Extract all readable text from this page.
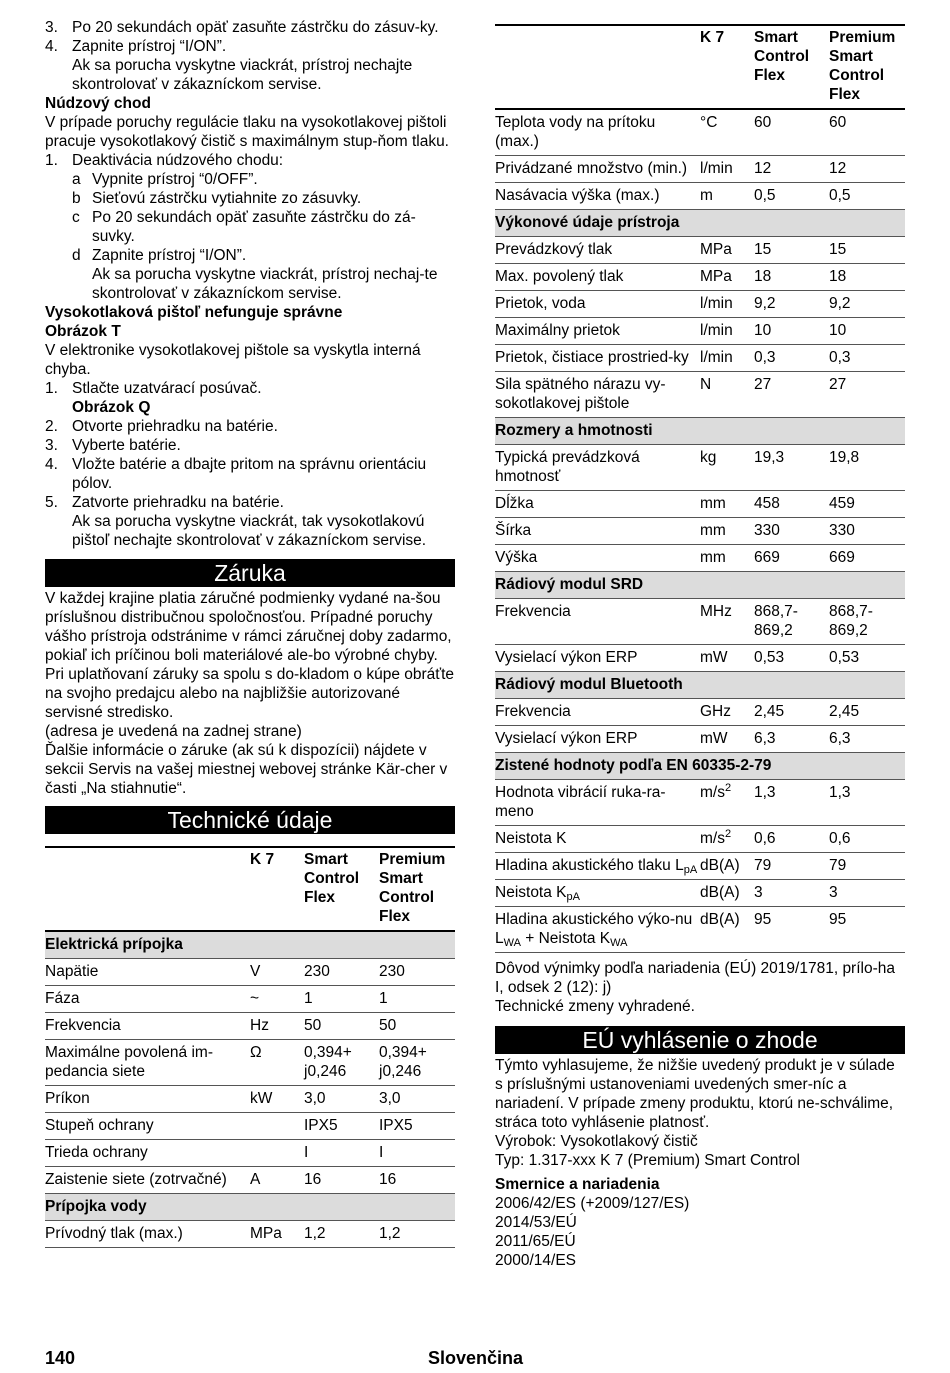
3. Po 20 sekundách opäť zasuňte zástrčku do zásuv-ky.
4. Zapnite prístroj “I/ON”.

Ak sa porucha vyskytne viackrát, prístroj nechajte skontrolovať v zákazníckom servise.

Núdzový chod

V prípade poruchy regulácie tlaku na vysokotlakovej pištoli pracuje vysokotlakový čistič s maximálnym stup-ňom tlaku.

1. Deaktivácia núdzového chodu:
a Vypnite prístroj “0/OFF”.
b Sieťovú zástrčku vytiahnite zo zásuvky.
c Po 20 sekundách opäť zasuňte zástrčku do zá-suvky.
d Zapnite prístroj “I/ON”.

Ak sa porucha vyskytne viackrát, prístroj nechaj-te skontrolovať v zákazníckom servise.

Vysokotlaková pištoľ nefunguje správne

Obrázok T

V elektronike vysokotlakovej pištole sa vyskytla interná chyba.

1. Stlačte uzatvárací posúvač.

Obrázok Q

2. Otvorte priehradku na batérie.
3. Vyberte batérie.
4. Vložte batérie a dbajte pritom na správnu orientáciu pólov.
5. Zatvorte priehradku na batérie.

Ak sa porucha vyskytne viackrát, tak vysokotlakovú pištoľ nechajte skontrolovať v zákazníckom servise.

Záruka

V každej krajine platia záručné podmienky vydané na-šou príslušnou distribučnou spoločnosťou. Prípadné poruchy vášho prístroja odstránime v rámci záručnej doby zadarmo, pokiaľ ich príčinou boli materiálové ale-bo výrobné chyby. Pri uplatňovaní záruky sa spolu s do-kladom o kúpe obráťte na svojho predajcu alebo na najbližšie autorizované servisné stredisko.

(adresa je uvedená na zadnej strane)

Ďalšie informácie o záruke (ak sú k dispozícii) nájdete v sekcii Servis na vašej miestnej webovej stránke Kär-cher v časti „Na stiahnutie“.

Technické údaje
	K 7	Smart Control Flex	Premium Smart Control Flex
Elektrická prípojka			
Napätie	V	230	230
Fáza	~	1	1
Frekvencia	Hz	50	50
Maximálne povolená im-pedancia siete	Ω	0,394+ j0,246	0,394+ j0,246
Príkon	kW	3,0	3,0
Stupeň ochrany		IPX5	IPX5
Trieda ochrany		I	I
Zaistenie siete (zotrvačné)	A	16	16
Prípojka vody			
Prívodný tlak (max.)	MPa	1,2	1,2
	K 7	Smart Control Flex	Premium Smart Control Flex
Teplota vody na prítoku (max.)	°C	60	60
Privádzané množstvo (min.)	l/min	12	12
Nasávacia výška (max.)	m	0,5	0,5
Výkonové údaje prístroja			
Prevádzkový tlak	MPa	15	15
Max. povolený tlak	MPa	18	18
Prietok, voda	l/min	9,2	9,2
Maximálny prietok	l/min	10	10
Prietok, čistiace prostried-ky	l/min	0,3	0,3
Sila spätného nárazu vy-sokotlakovej pištole	N	27	27
Rozmery a hmotnosti			
Typická prevádzková hmotnosť	kg	19,3	19,8
Dĺžka	mm	458	459
Šírka	mm	330	330
Výška	mm	669	669
Rádiový modul SRD			
Frekvencia	MHz	868,7- 869,2	868,7- 869,2
Vysielací výkon ERP	mW	0,53	0,53
Rádiový modul Bluetooth			
Frekvencia	GHz	2,45	2,45
Vysielací výkon ERP	mW	6,3	6,3
Zistené hodnoty podľa EN 60335-2-79			
Hodnota vibrácií ruka-ra-meno	$m/s^2$	1,3	1,3
Neistota K	$m/s^2$	0,6	0,6
Hladina akustického tlaku $L_{pA}$	dB(A)	79	79
Neistota $K_{pA}$	dB(A)	3	3
Hladina akustického výko-nu $L_{WA}$ + Neistota $K_{WA}$	dB(A)	95	95

Dôvod výnimky podľa nariadenia (EÚ) 2019/1781, prílo-ha I, odsek 2 (12): j)

Technické zmeny vyhradené.

EÚ vyhlásenie o zhode

Týmto vyhlasujeme, že nižšie uvedený produkt je v súlade s príslušnými ustanoveniami uvedených smer-níc a nariadení. V prípade zmeny produktu, ktorú ne-schválime, stráca toto vyhlásenie platnosť.

Výrobok: Vysokotlakový čistič

Typ: 1.317-xxx K 7 (Premium) Smart Control

Smernice a nariadenia

2006/42/ES (+2009/127/ES)

2014/53/EÚ

2011/65/EÚ

2000/14/ES

140	Slovenčina
